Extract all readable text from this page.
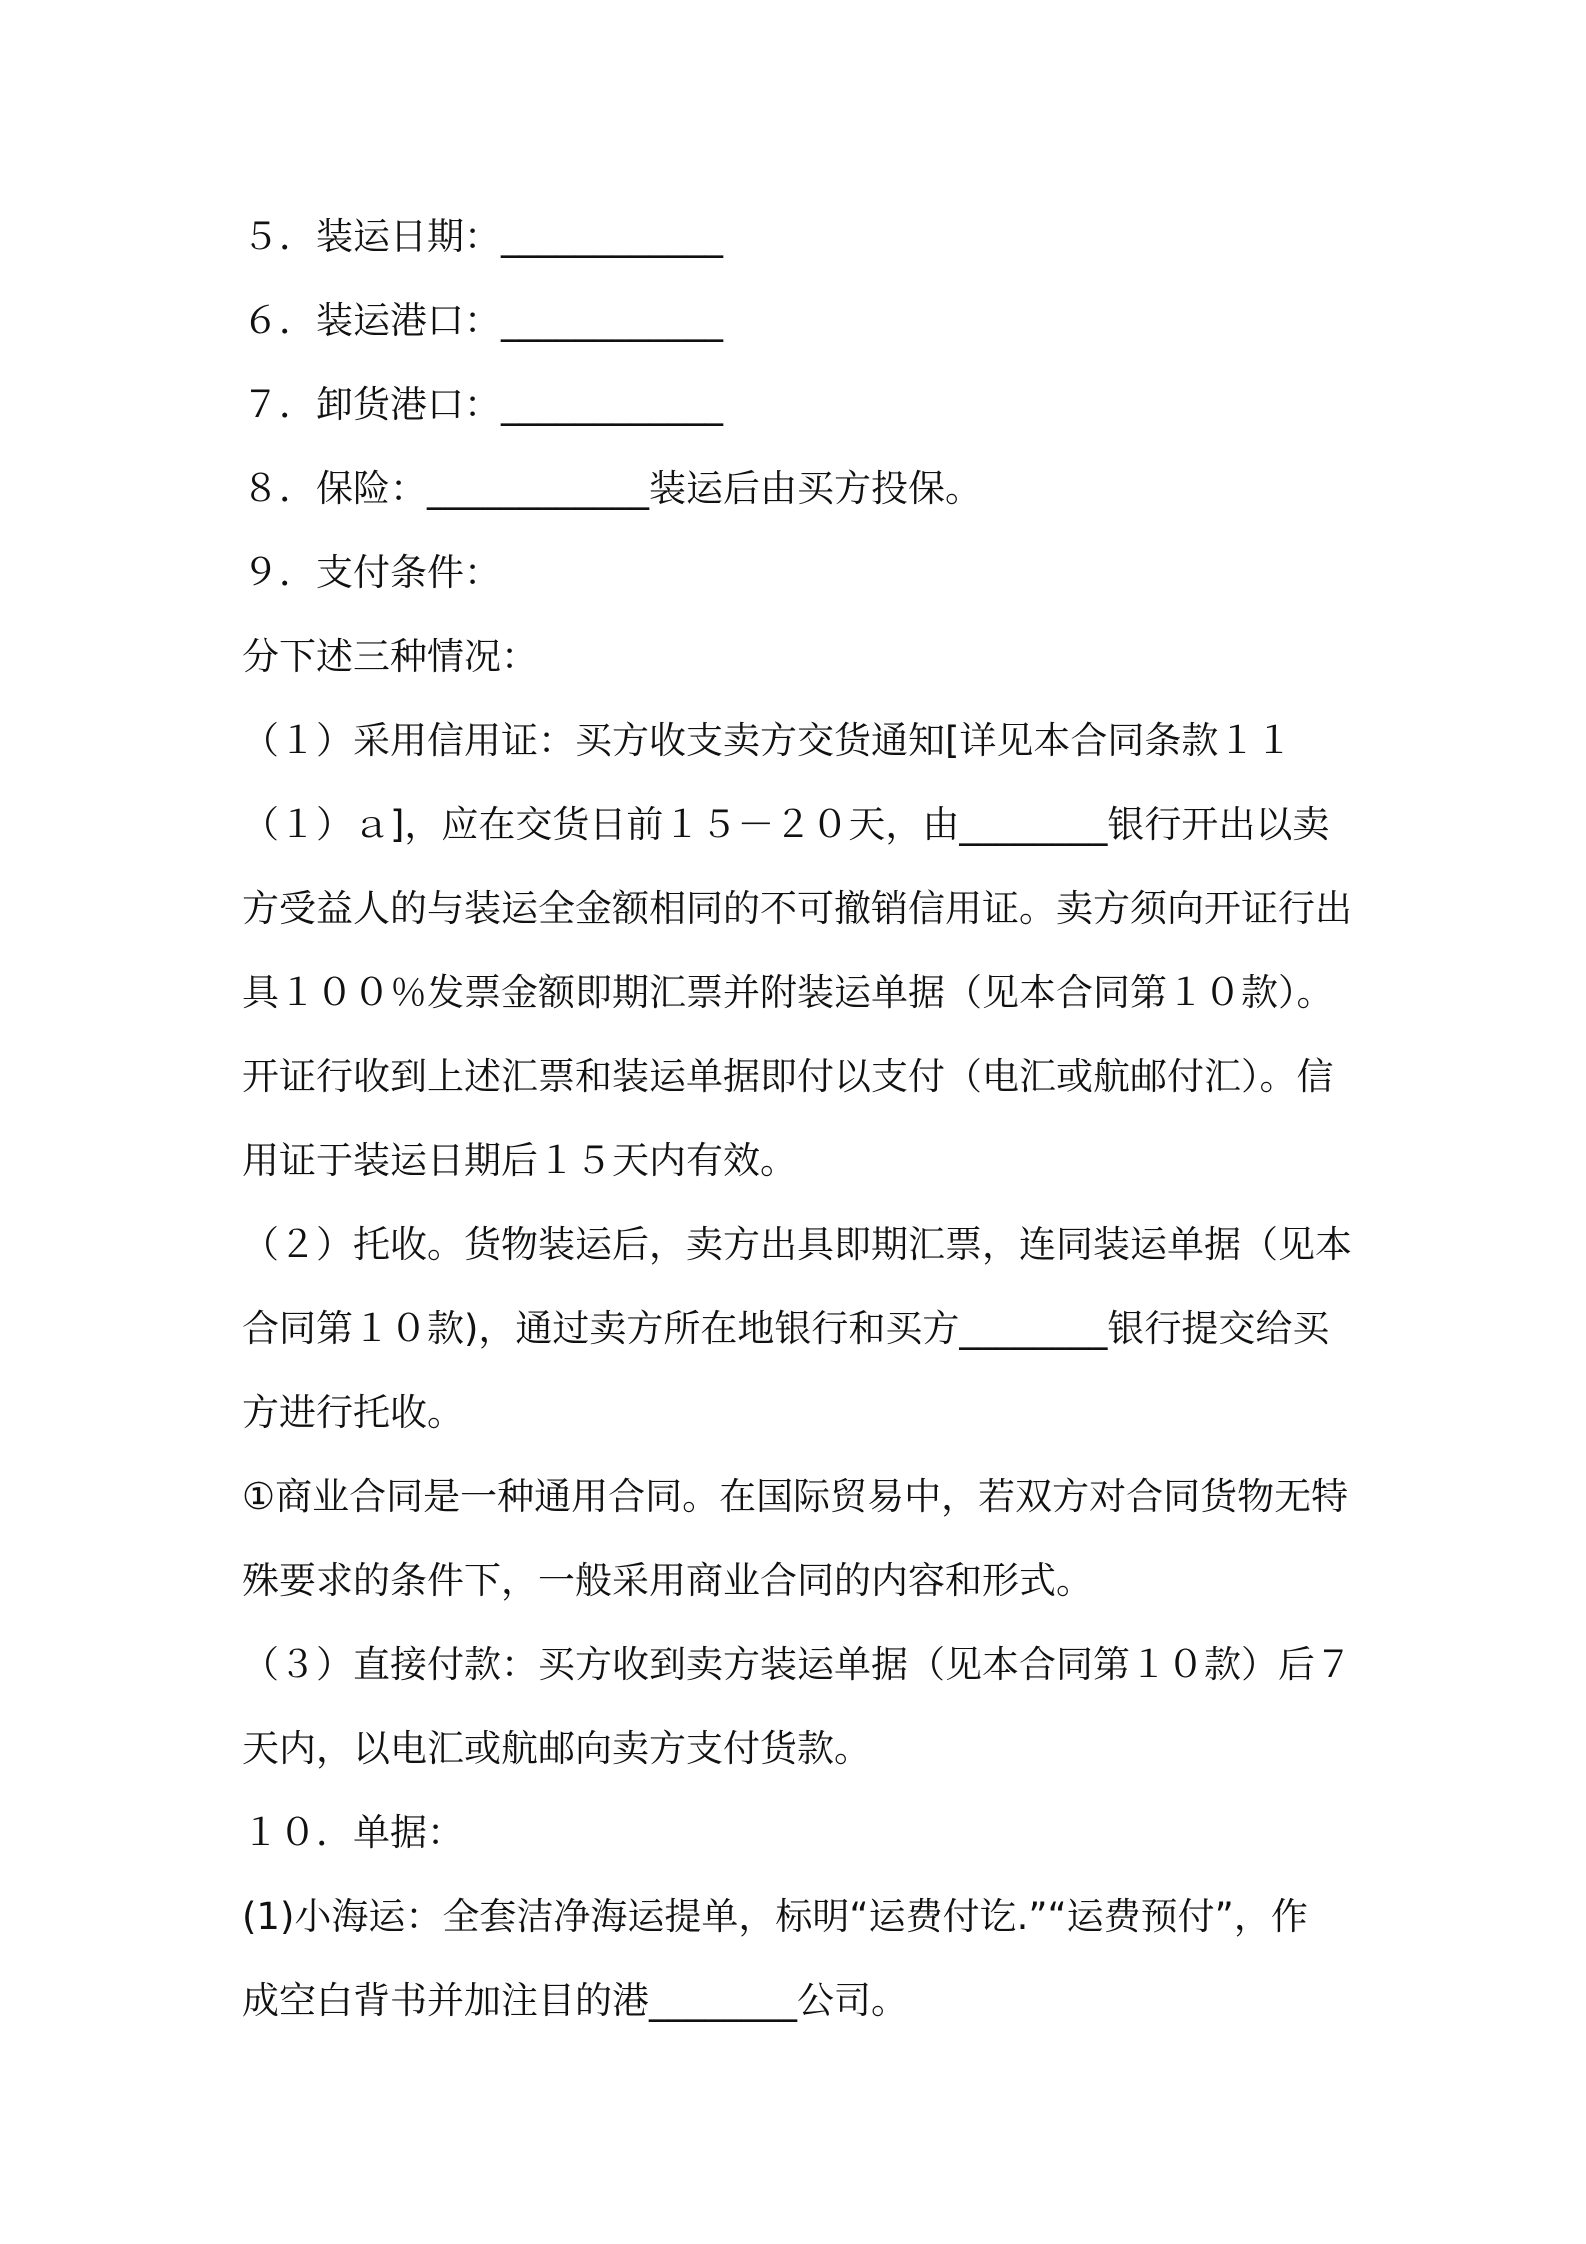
５．装运日期：____________
６．装运港口：____________
７．卸货港口：____________
８．保险：____________装运后由买方投保。
９．支付条件：
分下述三种情况：
（１）采用信用证：买方收支卖方交货通知[详见本合同条款１１
（１）ａ]，应在交货日前１５－２０天，由________银行开出以卖
方受益人的与装运全金额相同的不可撤销信用证。卖方须向开证行出
具１００％发票金额即期汇票并附装运单据（见本合同第１０款）。
开证行收到上述汇票和装运单据即付以支付（电汇或航邮付汇）。信
用证于装运日期后１５天内有效。
（２）托收。货物装运后，卖方出具即期汇票，连同装运单据（见本
合同第１０款)，通过卖方所在地银行和买方________银行提交给买
方进行托收。
①商业合同是一种通用合同。在国际贸易中，若双方对合同货物无特
殊要求的条件下，一般采用商业合同的内容和形式。
（３）直接付款：买方收到卖方装运单据（见本合同第１０款）后７
天内，以电汇或航邮向卖方支付货款。
１０．单据：
(1)小海运：全套洁净海运提单，标明“运费付讫.”“运费预付”，作
成空白背书并加注目的港________公司。
